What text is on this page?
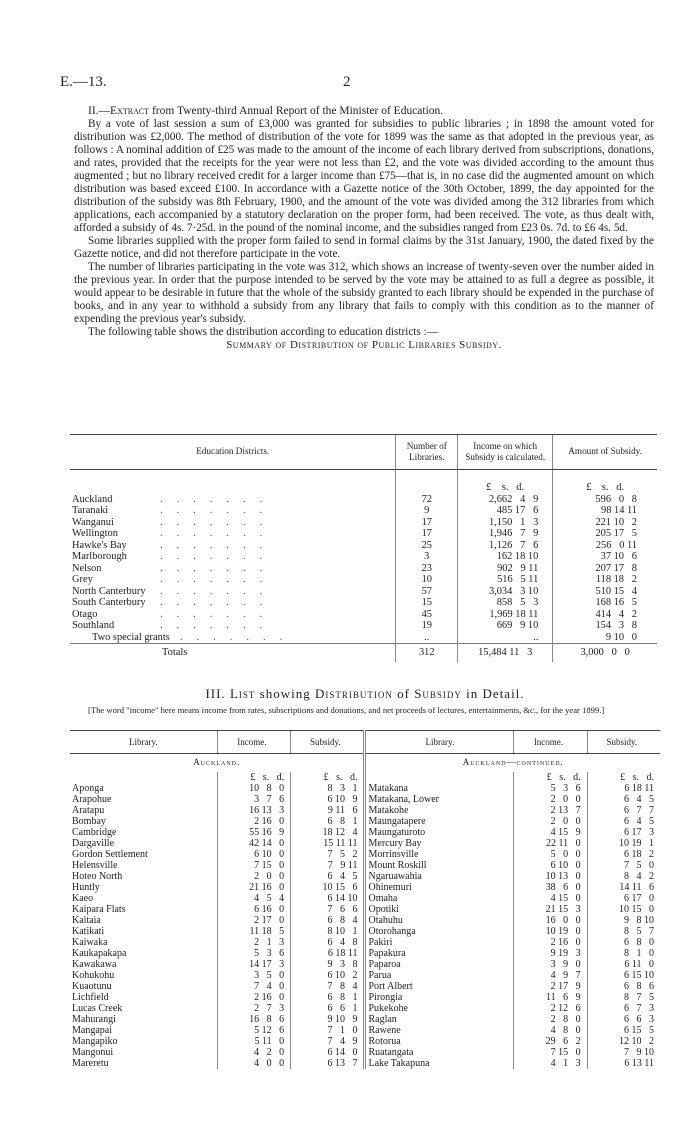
E.—13.	2

II.—Extract from Twenty-third Annual Report of the Minister of Education.

By a vote of last session a sum of £3,000 was granted for subsidies to public libraries ; in 1898 the amount voted for distribution was £2,000. The method of distribution of the vote for 1899 was the same as that adopted in the previous year, as follows : A nominal addition of £25 was made to the amount of the income of each library derived from subscriptions, donations, and rates, provided that the receipts for the year were not less than £2, and the vote was divided according to the amount thus augmented ; but no library received credit for a larger income than £75—that is, in no case did the augmented amount on which distribution was based exceed £100. In accordance with a Gazette notice of the 30th October, 1899, the day appointed for the distribution of the subsidy was 8th February, 1900, and the amount of the vote was divided among the 312 libraries from which applications, each accompanied by a statutory declaration on the proper form, had been received. The vote, as thus dealt with, afforded a subsidy of 4s. 7·25d. in the pound of the nominal income, and the subsidies ranged from £23 0s. 7d. to £6 4s. 5d.

Some libraries supplied with the proper form failed to send in formal claims by the 31st January, 1900, the dated fixed by the Gazette notice, and did not therefore participate in the vote.

The number of libraries participating in the vote was 312, which shows an increase of twenty-seven over the number aided in the previous year. In order that the purpose intended to be served by the vote may be attained to as full a degree as possible, it would appear to be desirable in future that the whole of the subsidy granted to each library should be expended in the purchase of books, and in any year to withhold a subsidy from any library that fails to comply with this condition as to the manner of expending the previous year's subsidy.

The following table shows the distribution according to education districts :—

Summary of Distribution of Public Libraries Subsidy.

Education Districts.	Number of Libraries.	Income on which Subsidy is calculated.	Amount of Subsidy.
		£    s.   d.	£    s.   d.
Auckland .......	72	2,662   4   9	596   0   8
Taranaki .......	9	485 17   6	98 14 11
Wanganui .......	17	1,150   1   3	221 10   2
Wellington .......	17	1,946   7   9	205 17   5
Hawke's Bay .......	25	1,126   7   6	256   0 11
Marlborough .......	3	162 18 10	37 10   6
Nelson .......	23	902   9 11	207 17   8
Grey .......	10	516   5 11	118 18   2
North Canterbury .......	57	3,034   3 10	510 15   4
South Canterbury .......	15	858   5   3	168 16   5
Otago .......	45	1,969 18 11	414   4   2
Southland .......	19	669   9 10	154   3   8
Two special grants .......	..	..	9 10   0
Totals	312	15,484 11   3	3,000   0   0
III. List showing Distribution of Subsidy in Detail.
[The word "income" here means income from rates, subscriptions and donations, and net proceeds of lectures, entertainments, &c., for the year 1899.]
Library.	Income.	Subsidy.	Library.	Income.	Subsidy.
Auckland.			Auckland—continued.		
	£   s.   d.	£   s.   d.		£   s.   d.	£   s.   d.
Aponga	10   8   0	8   3   1	Matakana	5   3   6	6 18 11
Arapohue	3   7   6	6 10   9	Matakana, Lower	2   0   0	6   4   5
Aratapu	16 13   3	9 11   6	Matakohe	2 13   7	6   7   7
Bombay	2 16   0	6   8   1	Maungatapere	2   0   0	6   4   5
Cambridge	55 16   9	18 12   4	Maungaturoto	4 15   9	6 17   3
Dargaville	42 14   0	15 11 11	Mercury Bay	22 11   0	10 19   1
Gordon Settlement	6 10   0	7   5   2	Morrinsville	5   0   0	6 18   2
Helensville	7 15   0	7   9 11	Mount Roskill	6 10   0	7   5   0
Hoteo North	2   0   0	6   4   5	Ngaruawahia	10 13   0	8   4   2
Huntly	21 16   0	10 15   6	Ohinemuri	38   6   0	14 11   6
Kaeo	4   5   4	6 14 10	Omaha	4 15   0	6 17   0
Kaipara Flats	6 16   0	7   6   6	Opotiki	21 15   3	10 15   0
Kaitaia	2 17   0	6   8   4	Otahuhu	16   0   0	9   8 10
Katikati	11 18   5	8 10   1	Otorohanga	10 19   0	8   5   7
Kaiwaka	2   1   3	6   4   8	Pakiri	2 16   0	6   8   0
Kaukapakapa	5   3   6	6 18 11	Papakura	9 19   3	8   1   0
Kawakawa	14 17   3	9   3   8	Paparoa	3   9   0	6 11   0
Kohukohu	3   5   0	6 10   2	Parua	4   9   7	6 15 10
Kuaotunu	7   4   0	7   8   4	Port Albert	2 17   9	6   8   6
Lichfield	2 16   0	6   8   1	Pirongia	11   6   9	8   7   5
Lucas Creek	2   7   3	6   6   1	Pukekohe	2 12   6	6   7   3
Mahurangi	16   8   6	9 10   9	Raglan	2   8   0	6   6   3
Mangapai	5 12   6	7   1   0	Rawene	4   8   0	6 15   5
Mangapiko	5 11   0	7   4   9	Rotorua	29   6   2	12 10   2
Mangonui	4   2   0	6 14   0	Ruatangata	7 15   0	7   9 10
Mareretu	4   0   0	6 13   7	Lake Takapuna	4   1   3	6 13 11
